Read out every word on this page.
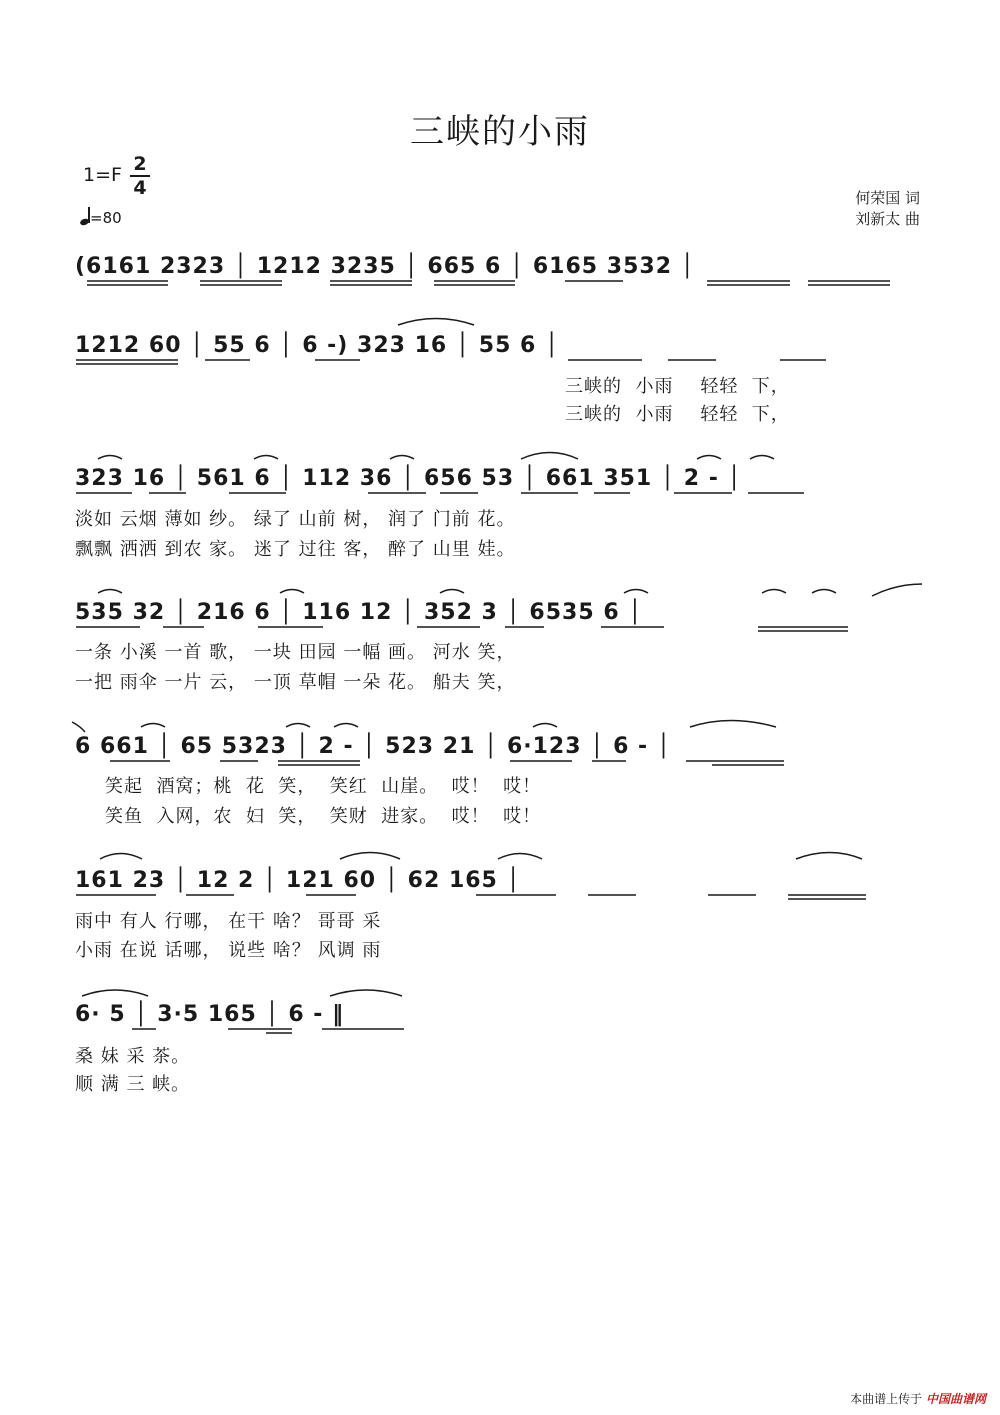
三峡的小雨
1=F 2
4
=80
何荣国 词
刘新太 曲
(6161 2323 │ 1212 3235 │ 665 6 │ 6165 3532 │
1212 60 │ 55 6 │ 6 -) 323 16 │ 55 6 │
三峡的  小雨    轻轻  下，
三峡的  小雨    轻轻  下，
323 16 │ 561 6 │ 112 36 │ 656 53 │ 661 351 │ 2 - │
淡如 云烟 薄如 纱。 绿了 山前 树， 润了 门前 花。
飘飘 洒洒 到农 家。 迷了 过往 客， 醉了 山里 娃。
535 32 │ 216 6 │ 116 12 │ 352 3 │ 6535 6 │
一条 小溪 一首 歌， 一块 田园 一幅 画。 河水 笑，
一把 雨伞 一片 云， 一顶 草帽 一朵 花。 船夫 笑，
6 661 │ 65 5323 │ 2 - │ 523 21 │ 6·123 │ 6 - │
笑起  酒窝；桃  花  笑，  笑红  山崖。  哎！  哎！
笑鱼  入网，农  妇  笑，  笑财  进家。  哎！  哎！
161 23 │ 12 2 │ 121 60 │ 62 165 │
雨中 有人 行哪， 在干 啥？ 哥哥 采
小雨 在说 话哪， 说些 啥？ 风调 雨
6· 5 │ 3·5 165 │ 6 - ‖
桑 妹 采 茶。
顺 满 三 峡。
本曲谱上传于 中国曲谱网
